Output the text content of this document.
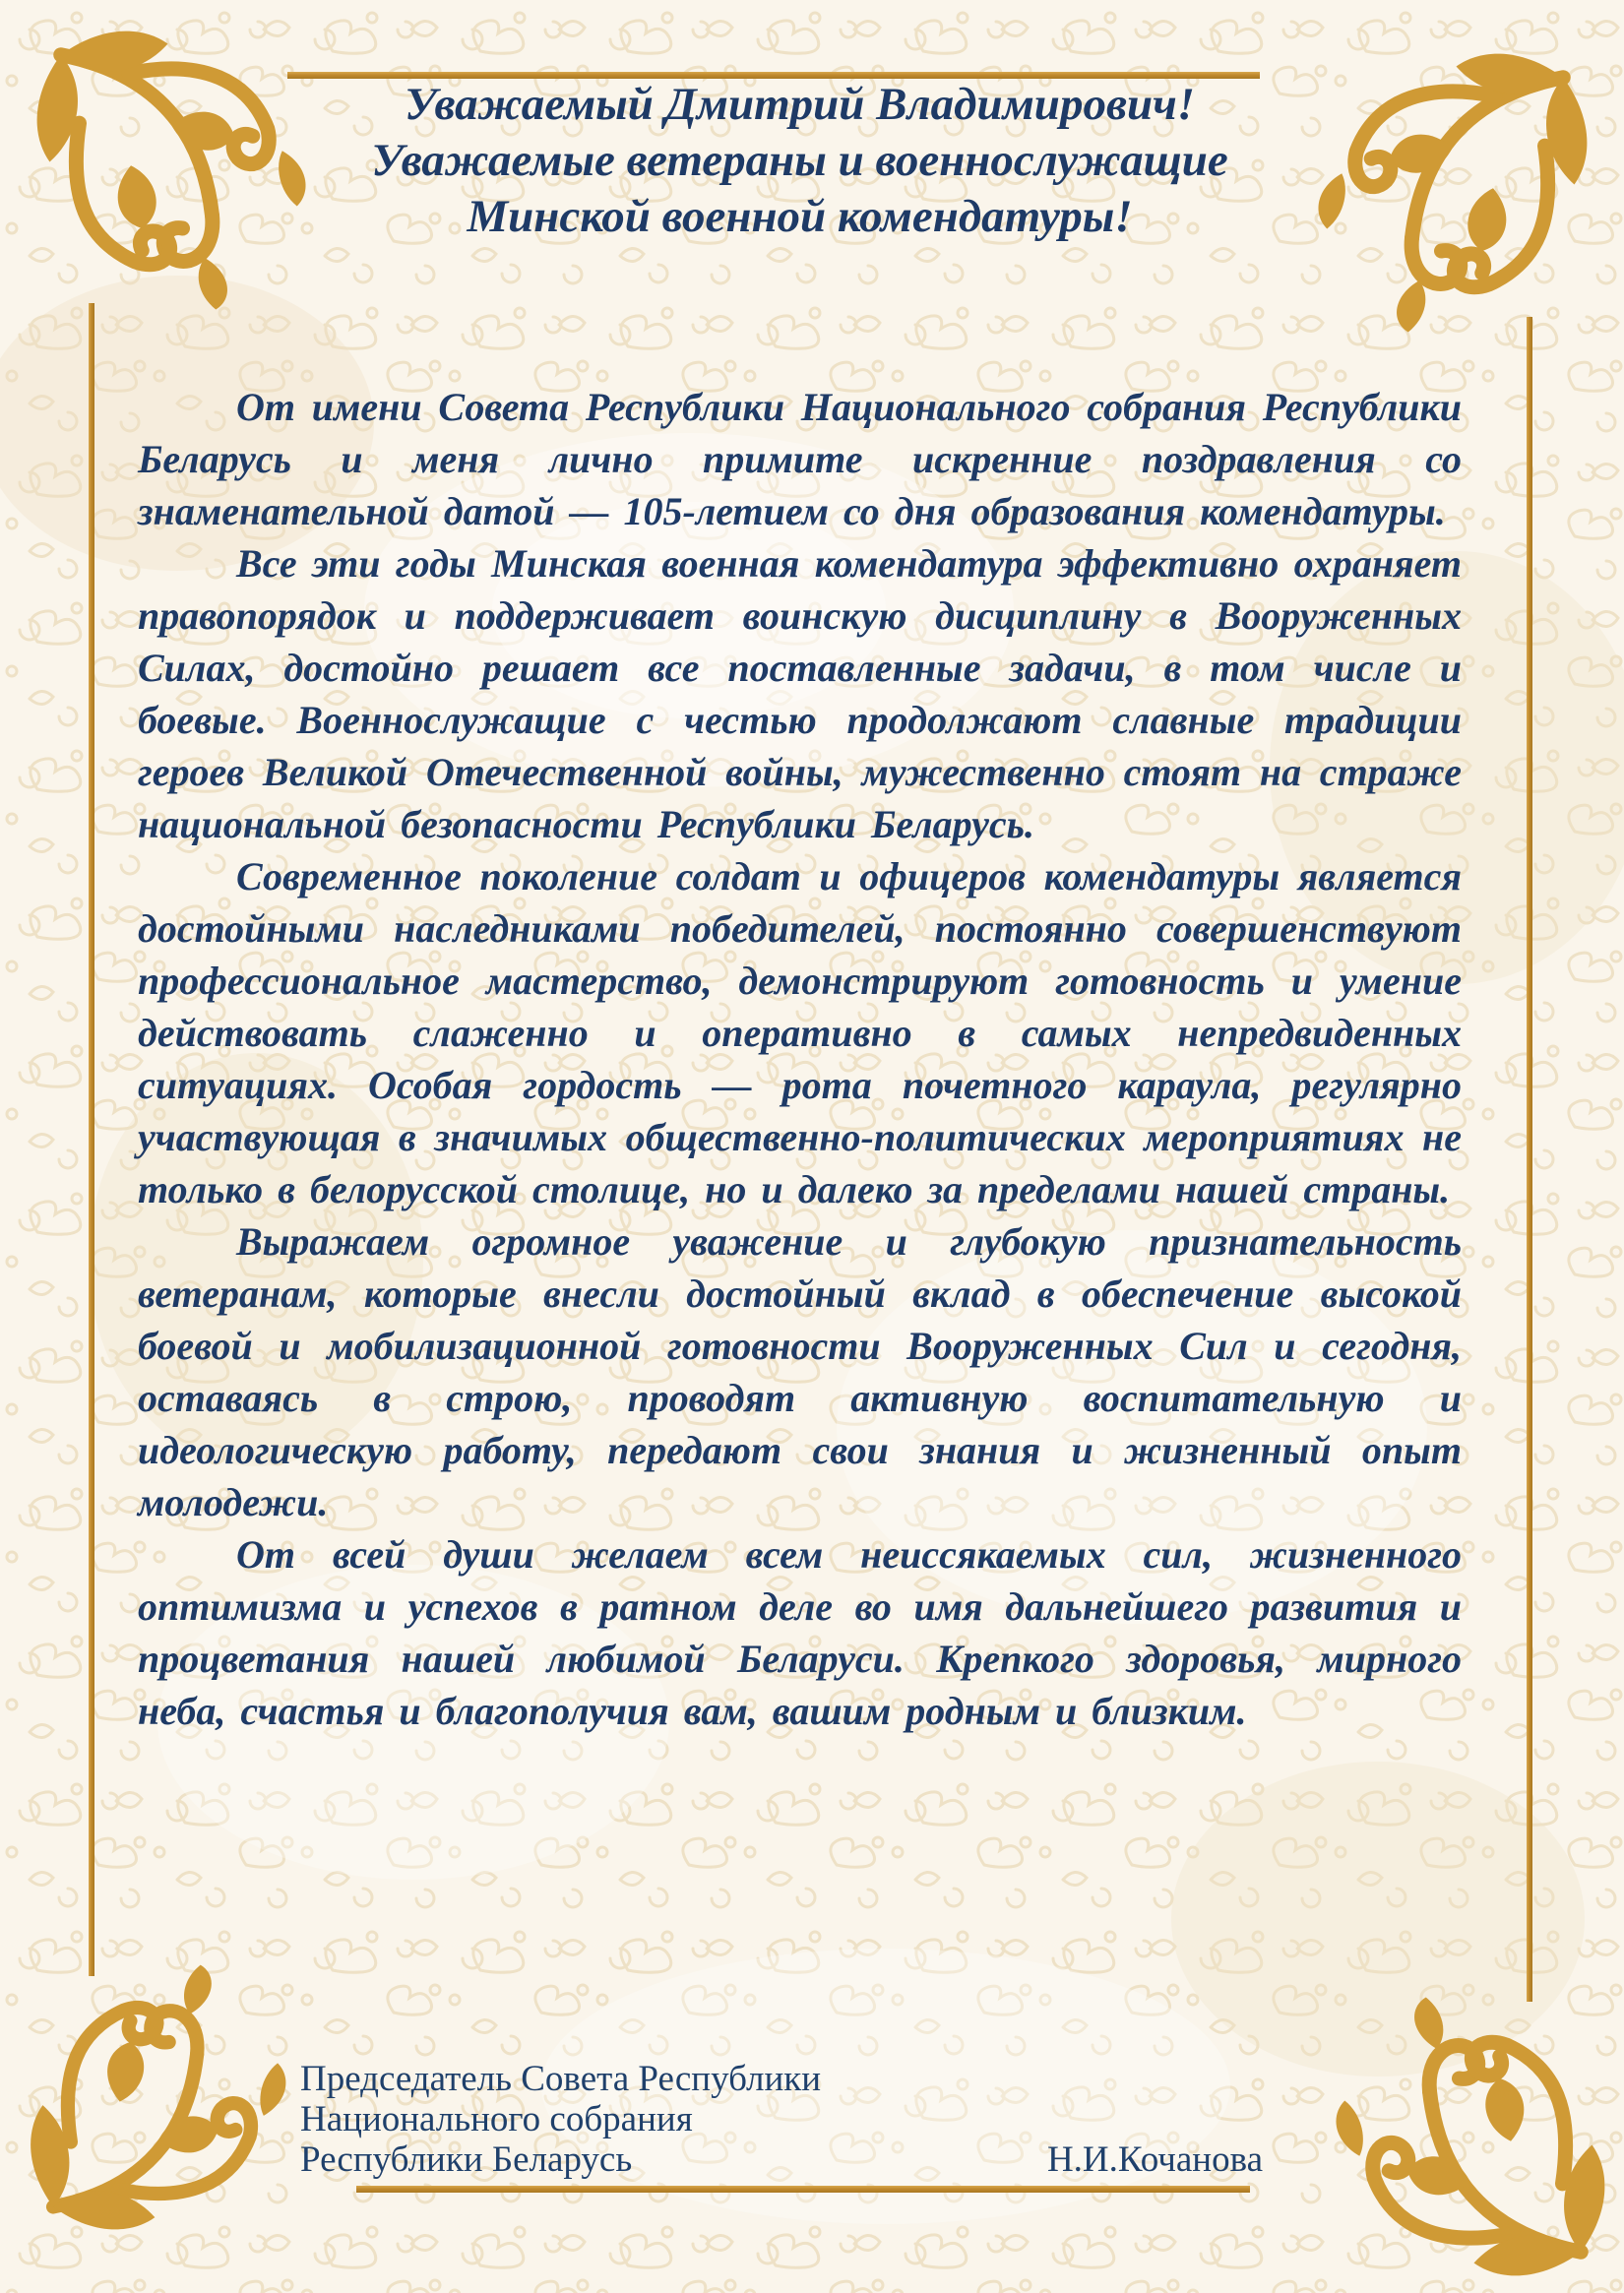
Уважаемый Дмитрий Владимирович!
Уважаемые ветераны и военнослужащие
Минской военной комендатуры!

От имени Совета Республики Национального собрания Республики Беларусь и меня лично примите искренние поздравления со знаменательной датой — 105-летием со дня образования комендатуры.

Все эти годы Минская военная комендатура эффективно охраняет правопорядок и поддерживает воинскую дисциплину в Вооруженных Силах, достойно решает все поставленные задачи, в том числе и боевые. Военнослужащие с честью продолжают славные традиции героев Великой Отечественной войны, мужественно стоят на страже национальной безопасности Республики Беларусь.

Современное поколение солдат и офицеров комендатуры является достойными наследниками победителей, постоянно совершенствуют профессиональное мастерство, демонстрируют готовность и умение действовать слаженно и оперативно в самых непредвиденных ситуациях. Особая гордость — рота почетного караула, регулярно участвующая в значимых общественно-политических мероприятиях не только в белорусской столице, но и далеко за пределами нашей страны.

Выражаем огромное уважение и глубокую признательность ветеранам, которые внесли достойный вклад в обеспечение высокой боевой и мобилизационной готовности Вооруженных Сил и сегодня, оставаясь в строю, проводят активную воспитательную и идеологическую работу, передают свои знания и жизненный опыт молодежи.

От всей души желаем всем неиссякаемых сил, жизненного оптимизма и успехов в ратном деле во имя дальнейшего развития и процветания нашей любимой Беларуси. Крепкого здоровья, мирного неба, счастья и благополучия вам, вашим родным и близким.

Председатель Совета Республики
Национального собрания
Республики Беларусь	Н.И.Кочанова
